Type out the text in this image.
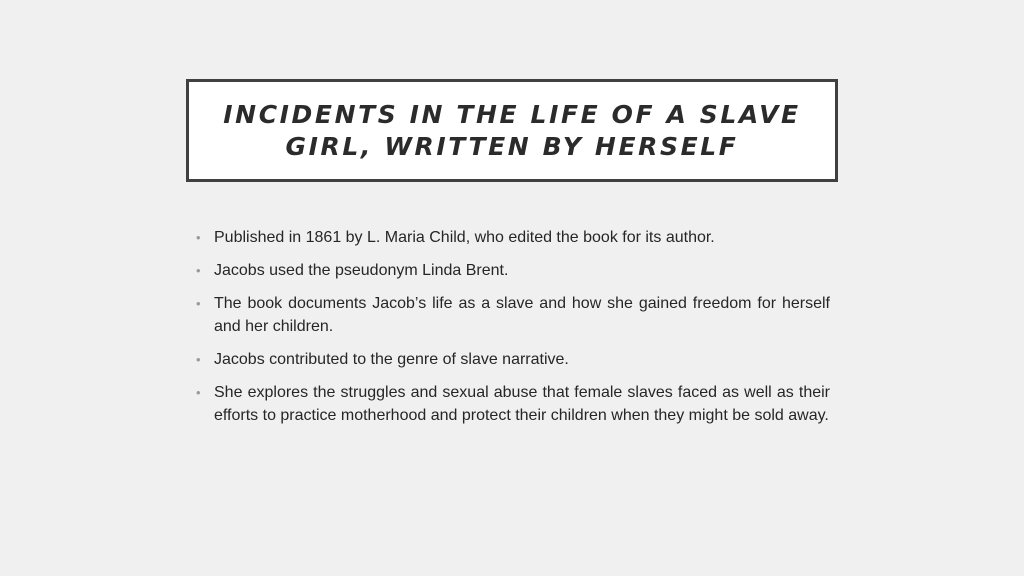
INCIDENTS IN THE LIFE OF A SLAVE GIRL, WRITTEN BY HERSELF
• Published in 1861 by L. Maria Child, who edited the book for its author.
• Jacobs used the pseudonym Linda Brent.
• The book documents Jacob’s life as a slave and how she gained freedom for herself and her children.
• Jacobs contributed to the genre of slave narrative.
• She explores the struggles and sexual abuse that female slaves faced as well as their efforts to practice motherhood and protect their children when they might be sold away.
